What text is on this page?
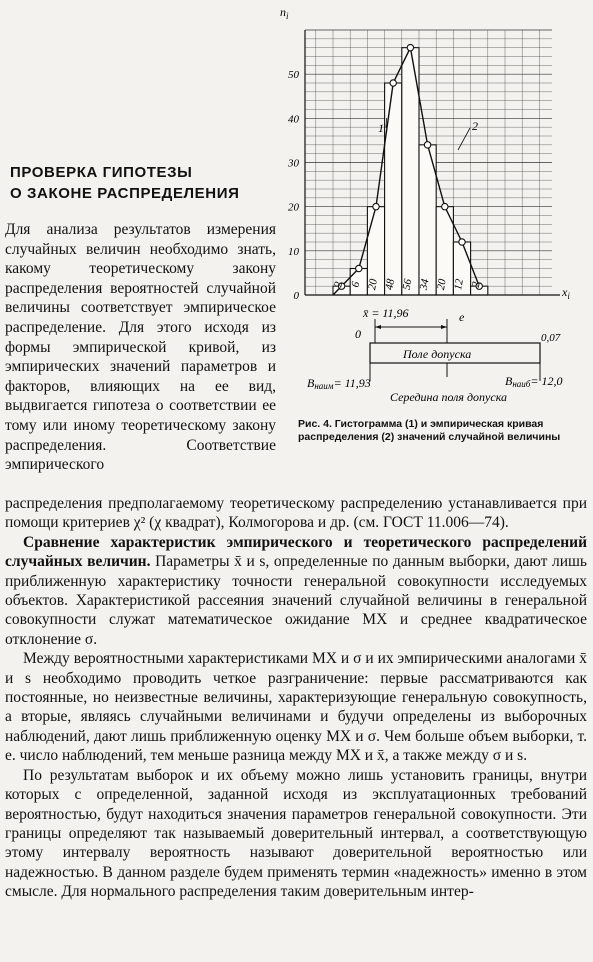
0
10
20
30
40
50
2 6 20 48 56 34 20 12 2
$n_i$
$x_i$
1	2
0
x̄ = 11,96	e
Поле допуска
0,07
Bнаим= 11,93	Bнаиб= 12,0
Середина поля допуска
Рис. 4. Гистограмма (1) и эмпирическая кривая распределения (2) значений случайной величины
ПРОВЕРКА ГИПОТЕЗЫ
О ЗАКОНЕ РАСПРЕДЕЛЕНИЯ

Для анализа результатов измерения случайных величин необходимо знать, какому теоретическому закону распределения вероятностей случайной величины соответствует эмпирическое распределение. Для этого исходя из формы эмпирической кривой, из эмпирических значений параметров и факторов, влияющих на ее вид, выдвигается гипотеза о соответствии ее тому или иному теоретическому закону распределения. Соответствие эмпирического

распределения предполагаемому теоретическому распределению устанавливается при помощи критериев χ² (χ квадрат), Колмогорова и др. (см. ГОСТ 11.006—74).

Сравнение характеристик эмпирического и теоретического распределений случайных величин. Параметры x̄ и s, определенные по данным выборки, дают лишь приближенную характеристику точности генеральной совокупности исследуемых объектов. Характеристикой рассеяния значений случайной величины в генеральной совокупности служат математическое ожидание MX и среднее квадратическое отклонение σ.

Между вероятностными характеристиками MX и σ и их эмпирическими аналогами x̄ и s необходимо проводить четкое разграничение: первые рассматриваются как постоянные, но неизвестные величины, характеризующие генеральную совокупность, а вторые, являясь случайными величинами и будучи определены из выборочных наблюдений, дают лишь приближенную оценку MX и σ. Чем больше объем выборки, т. е. число наблюдений, тем меньше разница между MX и x̄, а также между σ и s.

По результатам выборок и их объему можно лишь установить границы, внутри которых с определенной, заданной исходя из эксплуатационных требований вероятностью, будут находиться значения параметров генеральной совокупности. Эти границы определяют так называемый доверительный интервал, а соответствующую этому интервалу вероятность называют доверительной вероятностью или надежностью. В данном разделе будем применять термин «надежность» именно в этом смысле. Для нормального распределения таким доверительным интер-
